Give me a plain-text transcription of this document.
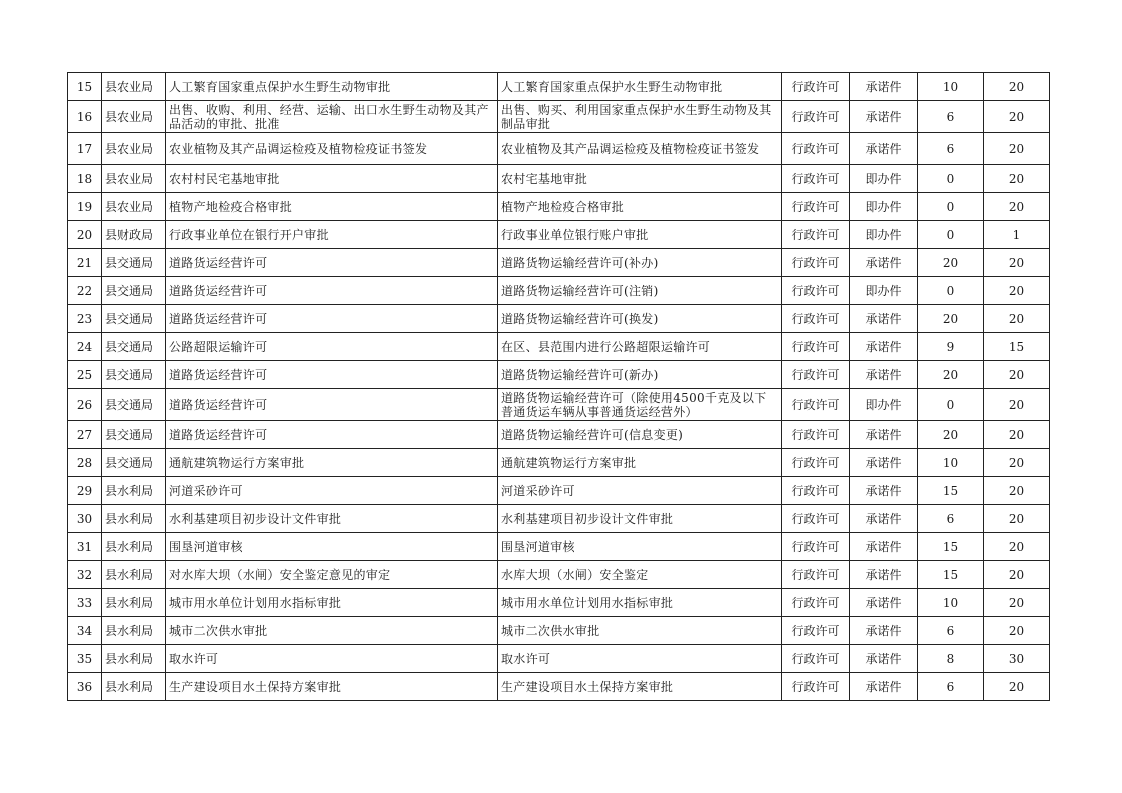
15	县农业局	人工繁育国家重点保护水生野生动物审批	人工繁育国家重点保护水生野生动物审批	行政许可	承诺件	10	20
16	县农业局	出售、收购、利用、经营、运输、出口水生野生动物及其产品活动的审批、批准	出售、购买、利用国家重点保护水生野生动物及其制品审批	行政许可	承诺件	6	20
17	县农业局	农业植物及其产品调运检疫及植物检疫证书签发	农业植物及其产品调运检疫及植物检疫证书签发	行政许可	承诺件	6	20
18	县农业局	农村村民宅基地审批	农村宅基地审批	行政许可	即办件	0	20
19	县农业局	植物产地检疫合格审批	植物产地检疫合格审批	行政许可	即办件	0	20
20	县财政局	行政事业单位在银行开户审批	行政事业单位银行账户审批	行政许可	即办件	0	1
21	县交通局	道路货运经营许可	道路货物运输经营许可(补办)	行政许可	承诺件	20	20
22	县交通局	道路货运经营许可	道路货物运输经营许可(注销)	行政许可	即办件	0	20
23	县交通局	道路货运经营许可	道路货物运输经营许可(换发)	行政许可	承诺件	20	20
24	县交通局	公路超限运输许可	在区、县范围内进行公路超限运输许可	行政许可	承诺件	9	15
25	县交通局	道路货运经营许可	道路货物运输经营许可(新办)	行政许可	承诺件	20	20
26	县交通局	道路货运经营许可	道路货物运输经营许可（除使用4500千克及以下普通货运车辆从事普通货运经营外）	行政许可	即办件	0	20
27	县交通局	道路货运经营许可	道路货物运输经营许可(信息变更)	行政许可	承诺件	20	20
28	县交通局	通航建筑物运行方案审批	通航建筑物运行方案审批	行政许可	承诺件	10	20
29	县水利局	河道采砂许可	河道采砂许可	行政许可	承诺件	15	20
30	县水利局	水利基建项目初步设计文件审批	水利基建项目初步设计文件审批	行政许可	承诺件	6	20
31	县水利局	围垦河道审核	围垦河道审核	行政许可	承诺件	15	20
32	县水利局	对水库大坝（水闸）安全鉴定意见的审定	水库大坝（水闸）安全鉴定	行政许可	承诺件	15	20
33	县水利局	城市用水单位计划用水指标审批	城市用水单位计划用水指标审批	行政许可	承诺件	10	20
34	县水利局	城市二次供水审批	城市二次供水审批	行政许可	承诺件	6	20
35	县水利局	取水许可	取水许可	行政许可	承诺件	8	30
36	县水利局	生产建设项目水土保持方案审批	生产建设项目水土保持方案审批	行政许可	承诺件	6	20
